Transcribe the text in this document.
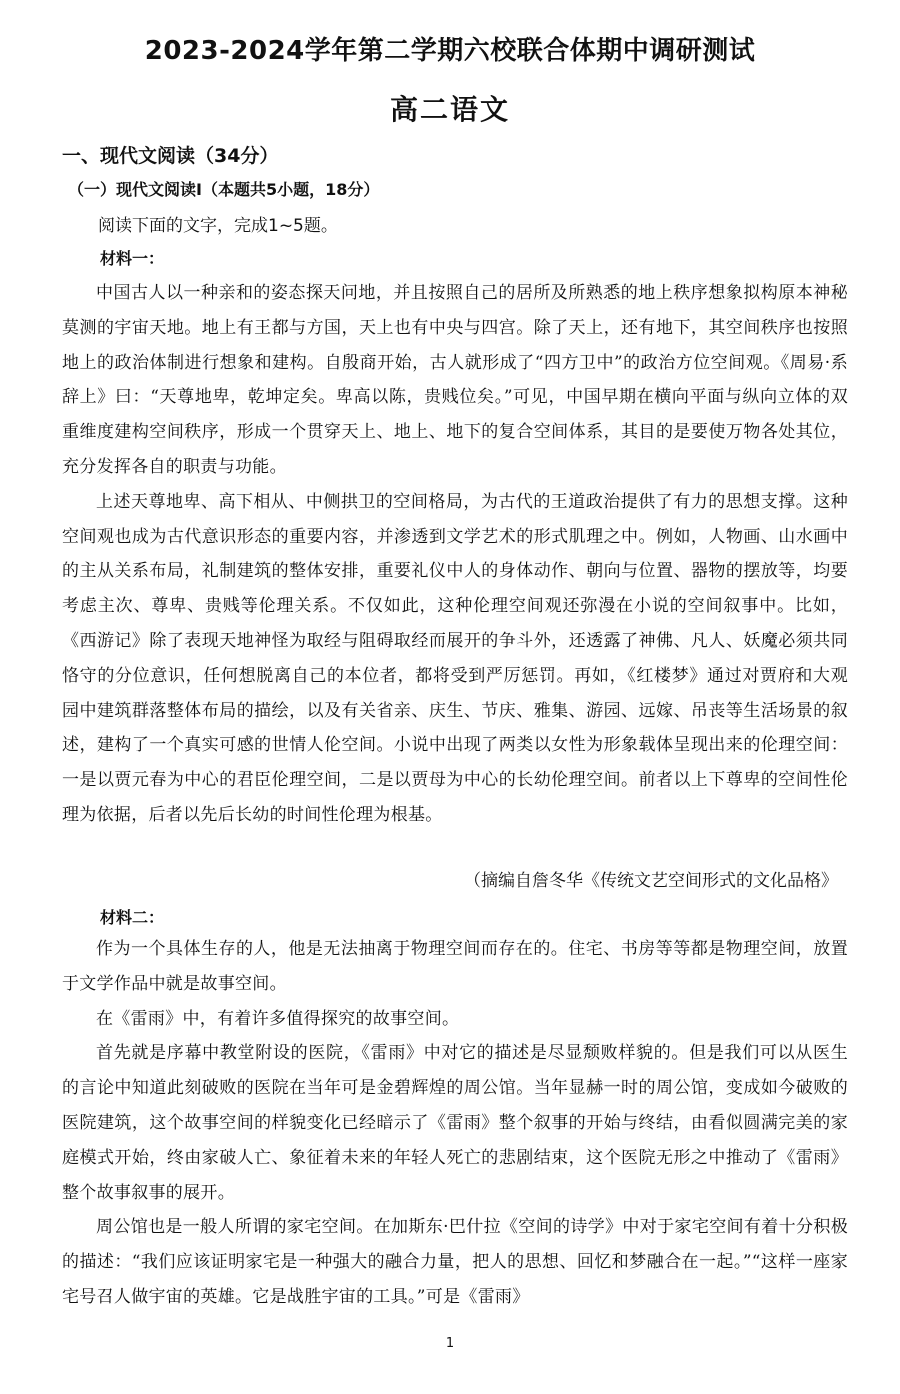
2023-2024学年第二学期六校联合体期中调研测试
高二语文
一、现代文阅读（34分）
（一）现代文阅读Ⅰ（本题共5小题，18分）
阅读下面的文字，完成1~5题。
材料一：

中国古人以一种亲和的姿态探天问地，并且按照自己的居所及所熟悉的地上秩序想象拟构原本神秘莫测的宇宙天地。地上有王都与方国，天上也有中央与四宫。除了天上，还有地下，其空间秩序也按照地上的政治体制进行想象和建构。自殷商开始，古人就形成了“四方卫中”的政治方位空间观。《周易·系辞上》曰：“天尊地卑，乾坤定矣。卑高以陈，贵贱位矣。”可见，中国早期在横向平面与纵向立体的双重维度建构空间秩序，形成一个贯穿天上、地上、地下的复合空间体系，其目的是要使万物各处其位，充分发挥各自的职责与功能。

上述天尊地卑、高下相从、中侧拱卫的空间格局，为古代的王道政治提供了有力的思想支撑。这种空间观也成为古代意识形态的重要内容，并渗透到文学艺术的形式肌理之中。例如，人物画、山水画中的主从关系布局，礼制建筑的整体安排，重要礼仪中人的身体动作、朝向与位置、器物的摆放等，均要考虑主次、尊卑、贵贱等伦理关系。不仅如此，这种伦理空间观还弥漫在小说的空间叙事中。比如，《西游记》除了表现天地神怪为取经与阻碍取经而展开的争斗外，还透露了神佛、凡人、妖魔必须共同恪守的分位意识，任何想脱离自己的本位者，都将受到严厉惩罚。再如，《红楼梦》通过对贾府和大观园中建筑群落整体布局的描绘，以及有关省亲、庆生、节庆、雅集、游园、远嫁、吊丧等生活场景的叙述，建构了一个真实可感的世情人伦空间。小说中出现了两类以女性为形象载体呈现出来的伦理空间：一是以贾元春为中心的君臣伦理空间，二是以贾母为中心的长幼伦理空间。前者以上下尊卑的空间性伦理为依据，后者以先后长幼的时间性伦理为根基。

（摘编自詹冬华《传统文艺空间形式的文化品格》
材料二：

作为一个具体生存的人，他是无法抽离于物理空间而存在的。住宅、书房等等都是物理空间，放置于文学作品中就是故事空间。

在《雷雨》中，有着许多值得探究的故事空间。

首先就是序幕中教堂附设的医院，《雷雨》中对它的描述是尽显颓败样貌的。但是我们可以从医生的言论中知道此刻破败的医院在当年可是金碧辉煌的周公馆。当年显赫一时的周公馆，变成如今破败的医院建筑，这个故事空间的样貌变化已经暗示了《雷雨》整个叙事的开始与终结，由看似圆满完美的家庭模式开始，终由家破人亡、象征着未来的年轻人死亡的悲剧结束，这个医院无形之中推动了《雷雨》整个故事叙事的展开。

周公馆也是一般人所谓的家宅空间。在加斯东·巴什拉《空间的诗学》中对于家宅空间有着十分积极的描述：“我们应该证明家宅是一种强大的融合力量，把人的思想、回忆和梦融合在一起。”“这样一座家宅号召人做宇宙的英雄。它是战胜宇宙的工具。”可是《雷雨》

1
